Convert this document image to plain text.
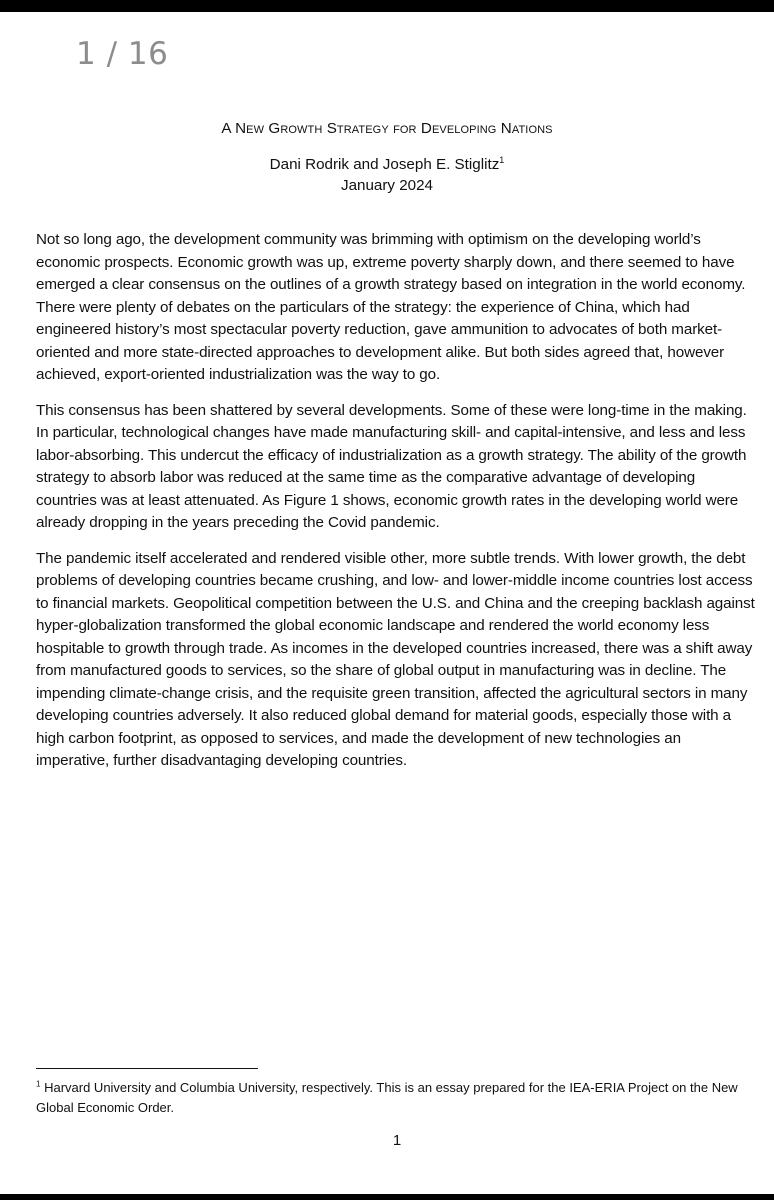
1 / 16
A New Growth Strategy for Developing Nations
Dani Rodrik and Joseph E. Stiglitz$^1$
January 2024

Not so long ago, the development community was brimming with optimism on the developing world’s economic prospects. Economic growth was up, extreme poverty sharply down, and there seemed to have emerged a clear consensus on the outlines of a growth strategy based on integration in the world economy. There were plenty of debates on the particulars of the strategy: the experience of China, which had engineered history’s most spectacular poverty reduction, gave ammunition to advocates of both market-oriented and more state-directed approaches to development alike. But both sides agreed that, however achieved, export-oriented industrialization was the way to go.

This consensus has been shattered by several developments. Some of these were long-time in the making. In particular, technological changes have made manufacturing skill- and capital-intensive, and less and less labor-absorbing. This undercut the efficacy of industrialization as a growth strategy. The ability of the growth strategy to absorb labor was reduced at the same time as the comparative advantage of developing countries was at least attenuated. As Figure 1 shows, economic growth rates in the developing world were already dropping in the years preceding the Covid pandemic.

The pandemic itself accelerated and rendered visible other, more subtle trends. With lower growth, the debt problems of developing countries became crushing, and low- and lower-middle income countries lost access to financial markets. Geopolitical competition between the U.S. and China and the creeping backlash against hyper-globalization transformed the global economic landscape and rendered the world economy less hospitable to growth through trade. As incomes in the developed countries increased, there was a shift away from manufactured goods to services, so the share of global output in manufacturing was in decline. The impending climate-change crisis, and the requisite green transition, affected the agricultural sectors in many developing countries adversely. It also reduced global demand for material goods, especially those with a high carbon footprint, as opposed to services, and made the development of new technologies an imperative, further disadvantaging developing countries.

$^1$ Harvard University and Columbia University, respectively. This is an essay prepared for the IEA-ERIA Project on the New Global Economic Order.
1
